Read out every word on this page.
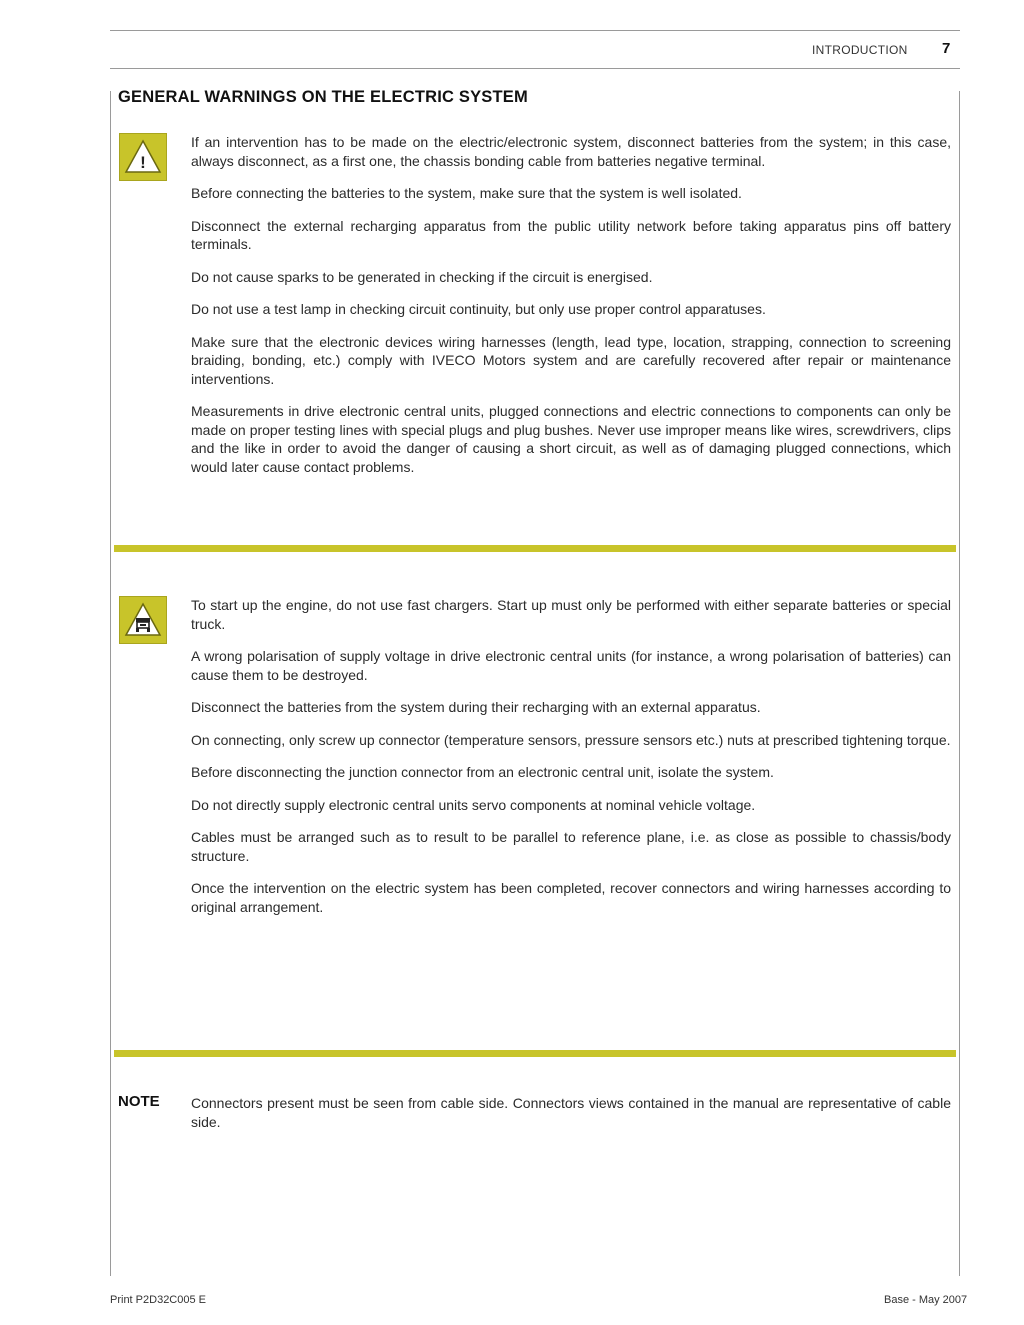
INTRODUCTION 7
GENERAL WARNINGS ON THE ELECTRIC SYSTEM
!

If an intervention has to be made on the electric/electronic system, disconnect batteries from the system; in this case, always disconnect, as a first one, the chassis bonding cable from batteries negative terminal.

Before connecting the batteries to the system, make sure that the system is well isolated.

Disconnect the external recharging apparatus from the public utility network before taking apparatus pins off battery terminals.

Do not cause sparks to be generated in checking if the circuit is energised.

Do not use a test lamp in checking circuit continuity, but only use proper control apparatuses.

Make sure that the electronic devices wiring harnesses (length, lead type, location, strapping, connection to screening braiding, bonding, etc.) comply with IVECO Motors system and are carefully recovered after repair or maintenance interventions.

Measurements in drive electronic central units, plugged connections and electric connections to components can only be made on proper testing lines with special plugs and plug bushes. Never use improper means like wires, screwdrivers, clips and the like in order to avoid the danger of causing a short circuit, as well as of damaging plugged connections, which would later cause contact problems.

To start up the engine, do not use fast chargers. Start up must only be performed with either separate batteries or special truck.

A wrong polarisation of supply voltage in drive electronic central units (for instance, a wrong polarisation of batteries) can cause them to be destroyed.

Disconnect the batteries from the system during their recharging with an external apparatus.

On connecting, only screw up connector (temperature sensors, pressure sensors etc.) nuts at prescribed tightening torque.

Before disconnecting the junction connector from an electronic central unit, isolate the system.

Do not directly supply electronic central units servo components at nominal vehicle voltage.

Cables must be arranged such as to result to be parallel to reference plane, i.e. as close as possible to chassis/body structure.

Once the intervention on the electric system has been completed, recover connectors and wiring harnesses according to original arrangement.

NOTE Connectors present must be seen from cable side. Connectors views contained in the manual are representative of cable side.

Print P2D32C005 E	Base - May 2007
